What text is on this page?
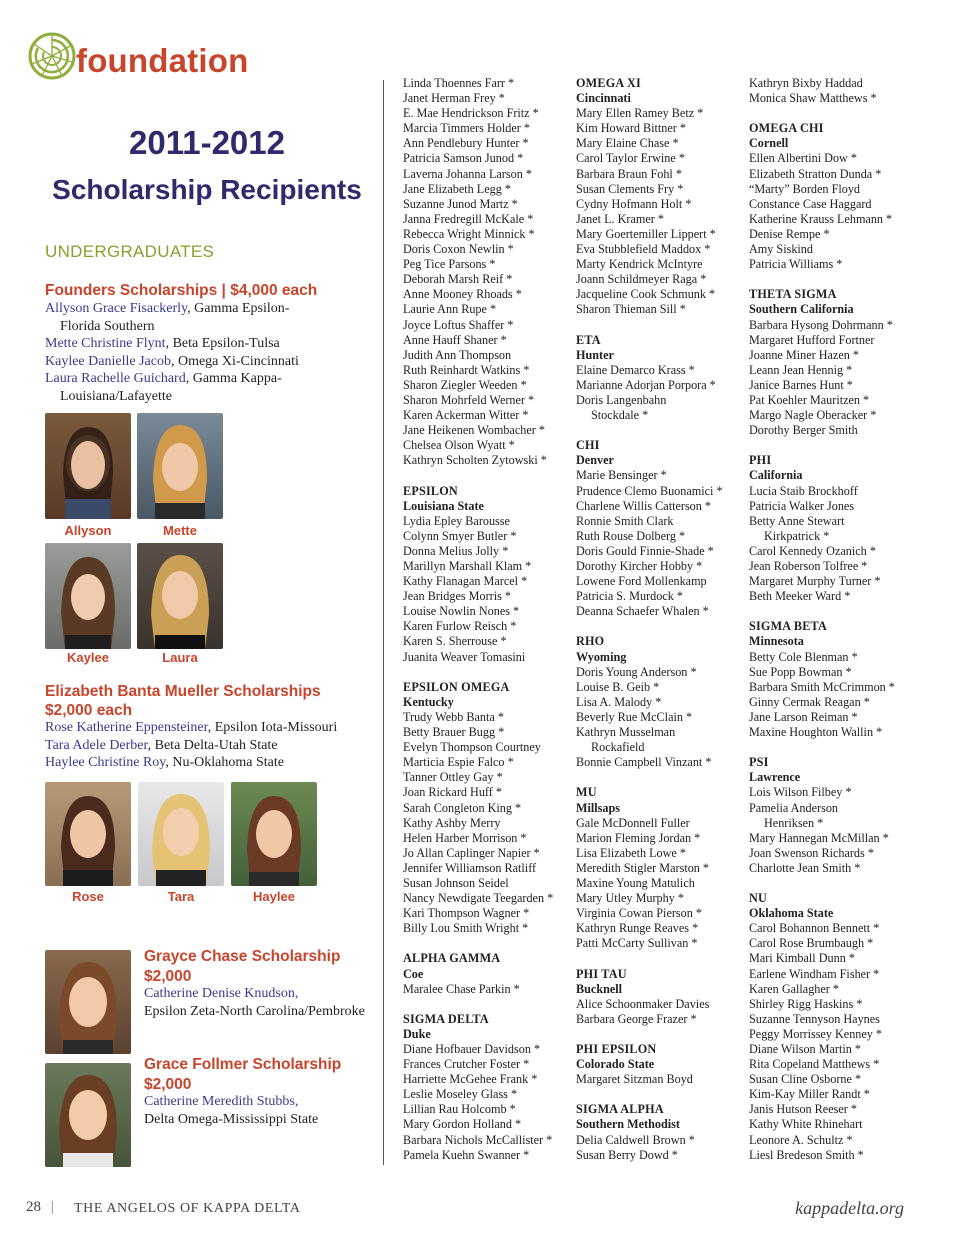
foundation
2011-2012
Scholarship Recipients
UNDERGRADUATES
Founders Scholarships | $4,000 each
Allyson Grace Fisackerly, Gamma Epsilon-
Florida Southern
Mette Christine Flynt, Beta Epsilon-Tulsa
Kaylee Danielle Jacob, Omega Xi-Cincinnati
Laura Rachelle Guichard, Gamma Kappa-
Louisiana/Lafayette
Allyson	Mette
Kaylee	Laura
Elizabeth Banta Mueller Scholarships
$2,000 each
Rose Katherine Eppensteiner, Epsilon Iota-Missouri
Tara Adele Derber, Beta Delta-Utah State
Haylee Christine Roy, Nu-Oklahoma State
Rose	Tara	Haylee
Grayce Chase Scholarship
$2,000
Catherine Denise Knudson,
Epsilon Zeta-North Carolina/Pembroke
Grace Follmer Scholarship
$2,000
Catherine Meredith Stubbs,
Delta Omega-Mississippi State
Linda Thoennes Farr *
Janet Herman Frey *
E. Mae Hendrickson Fritz *
Marcia Timmers Holder *
Ann Pendlebury Hunter *
Patricia Samson Junod *
Laverna Johanna Larson *
Jane Elizabeth Legg *
Suzanne Junod Martz *
Janna Fredregill McKale *
Rebecca Wright Minnick *
Doris Coxon Newlin *
Peg Tice Parsons *
Deborah Marsh Reif *
Anne Mooney Rhoads *
Laurie Ann Rupe *
Joyce Loftus Shaffer *
Anne Hauff Shaner *
Judith Ann Thompson
Ruth Reinhardt Watkins *
Sharon Ziegler Weeden *
Sharon Mohrfeld Werner *
Karen Ackerman Witter *
Jane Heikenen Wombacher *
Chelsea Olson Wyatt *
Kathryn Scholten Zytowski *
EPSILON
Louisiana State
Lydia Epley Barousse
Colynn Smyer Butler *
Donna Melius Jolly *
Marillyn Marshall Klam *
Kathy Flanagan Marcel *
Jean Bridges Morris *
Louise Nowlin Nones *
Karen Furlow Reisch *
Karen S. Sherrouse *
Juanita Weaver Tomasini
EPSILON OMEGA
Kentucky
Trudy Webb Banta *
Betty Brauer Bugg *
Evelyn Thompson Courtney
Marticia Espie Falco *
Tanner Ottley Gay *
Joan Rickard Huff *
Sarah Congleton King *
Kathy Ashby Merry
Helen Harber Morrison *
Jo Allan Caplinger Napier *
Jennifer Williamson Ratliff
Susan Johnson Seidel
Nancy Newdigate Teegarden *
Kari Thompson Wagner *
Billy Lou Smith Wright *
ALPHA GAMMA
Coe
Maralee Chase Parkin *
SIGMA DELTA
Duke
Diane Hofbauer Davidson *
Frances Crutcher Foster *
Harriette McGehee Frank *
Leslie Moseley Glass *
Lillian Rau Holcomb *
Mary Gordon Holland *
Barbara Nichols McCallister *
Pamela Kuehn Swanner *
OMEGA XI
Cincinnati
Mary Ellen Ramey Betz *
Kim Howard Bittner *
Mary Elaine Chase *
Carol Taylor Erwine *
Barbara Braun Fohl *
Susan Clements Fry *
Cydny Hofmann Holt *
Janet L. Kramer *
Mary Goertemiller Lippert *
Eva Stubblefield Maddox *
Marty Kendrick McIntyre
Joann Schildmeyer Raga *
Jacqueline Cook Schmunk *
Sharon Thieman Sill *
ETA
Hunter
Elaine Demarco Krass *
Marianne Adorjan Porpora *
Doris Langenbahn
Stockdale *
CHI
Denver
Marie Bensinger *
Prudence Clemo Buonamici *
Charlene Willis Catterson *
Ronnie Smith Clark
Ruth Rouse Dolberg *
Doris Gould Finnie-Shade *
Dorothy Kircher Hobby *
Lowene Ford Mollenkamp
Patricia S. Murdock *
Deanna Schaefer Whalen *
RHO
Wyoming
Doris Young Anderson *
Louise B. Geib *
Lisa A. Malody *
Beverly Rue McClain *
Kathryn Musselman
Rockafield
Bonnie Campbell Vinzant *
MU
Millsaps
Gale McDonnell Fuller
Marion Fleming Jordan *
Lisa Elizabeth Lowe *
Meredith Stigler Marston *
Maxine Young Matulich
Mary Utley Murphy *
Virginia Cowan Pierson *
Kathryn Runge Reaves *
Patti McCarty Sullivan *
PHI TAU
Bucknell
Alice Schoonmaker Davies
Barbara George Frazer *
PHI EPSILON
Colorado State
Margaret Sitzman Boyd
SIGMA ALPHA
Southern Methodist
Delia Caldwell Brown *
Susan Berry Dowd *
Kathryn Bixby Haddad
Monica Shaw Matthews *
OMEGA CHI
Cornell
Ellen Albertini Dow *
Elizabeth Stratton Dunda *
“Marty” Borden Floyd
Constance Case Haggard
Katherine Krauss Lehmann *
Denise Rempe *
Amy Siskind
Patricia Williams *
THETA SIGMA
Southern California
Barbara Hysong Dohrmann *
Margaret Hufford Fortner
Joanne Miner Hazen *
Leann Jean Hennig *
Janice Barnes Hunt *
Pat Koehler Mauritzen *
Margo Nagle Oberacker *
Dorothy Berger Smith
PHI
California
Lucia Staib Brockhoff
Patricia Walker Jones
Betty Anne Stewart
Kirkpatrick *
Carol Kennedy Ozanich *
Jean Roberson Tolfree *
Margaret Murphy Turner *
Beth Meeker Ward *
SIGMA BETA
Minnesota
Betty Cole Blenman *
Sue Popp Bowman *
Barbara Smith McCrimmon *
Ginny Cermak Reagan *
Jane Larson Reiman *
Maxine Houghton Wallin *
PSI
Lawrence
Lois Wilson Filbey *
Pamelia Anderson
Henriksen *
Mary Hannegan McMillan *
Joan Swenson Richards *
Charlotte Jean Smith *
NU
Oklahoma State
Carol Bohannon Bennett *
Carol Rose Brumbaugh *
Mari Kimball Dunn *
Earlene Windham Fisher *
Karen Gallagher *
Shirley Rigg Haskins *
Suzanne Tennyson Haynes
Peggy Morrissey Kenney *
Diane Wilson Martin *
Rita Copeland Matthews *
Susan Cline Osborne *
Kim-Kay Miller Randt *
Janis Hutson Reeser *
Kathy White Rhinehart
Leonore A. Schultz *
Liesl Bredeson Smith *
28 |	THE ANGELOS OF KAPPA DELTA	kappadelta.org
